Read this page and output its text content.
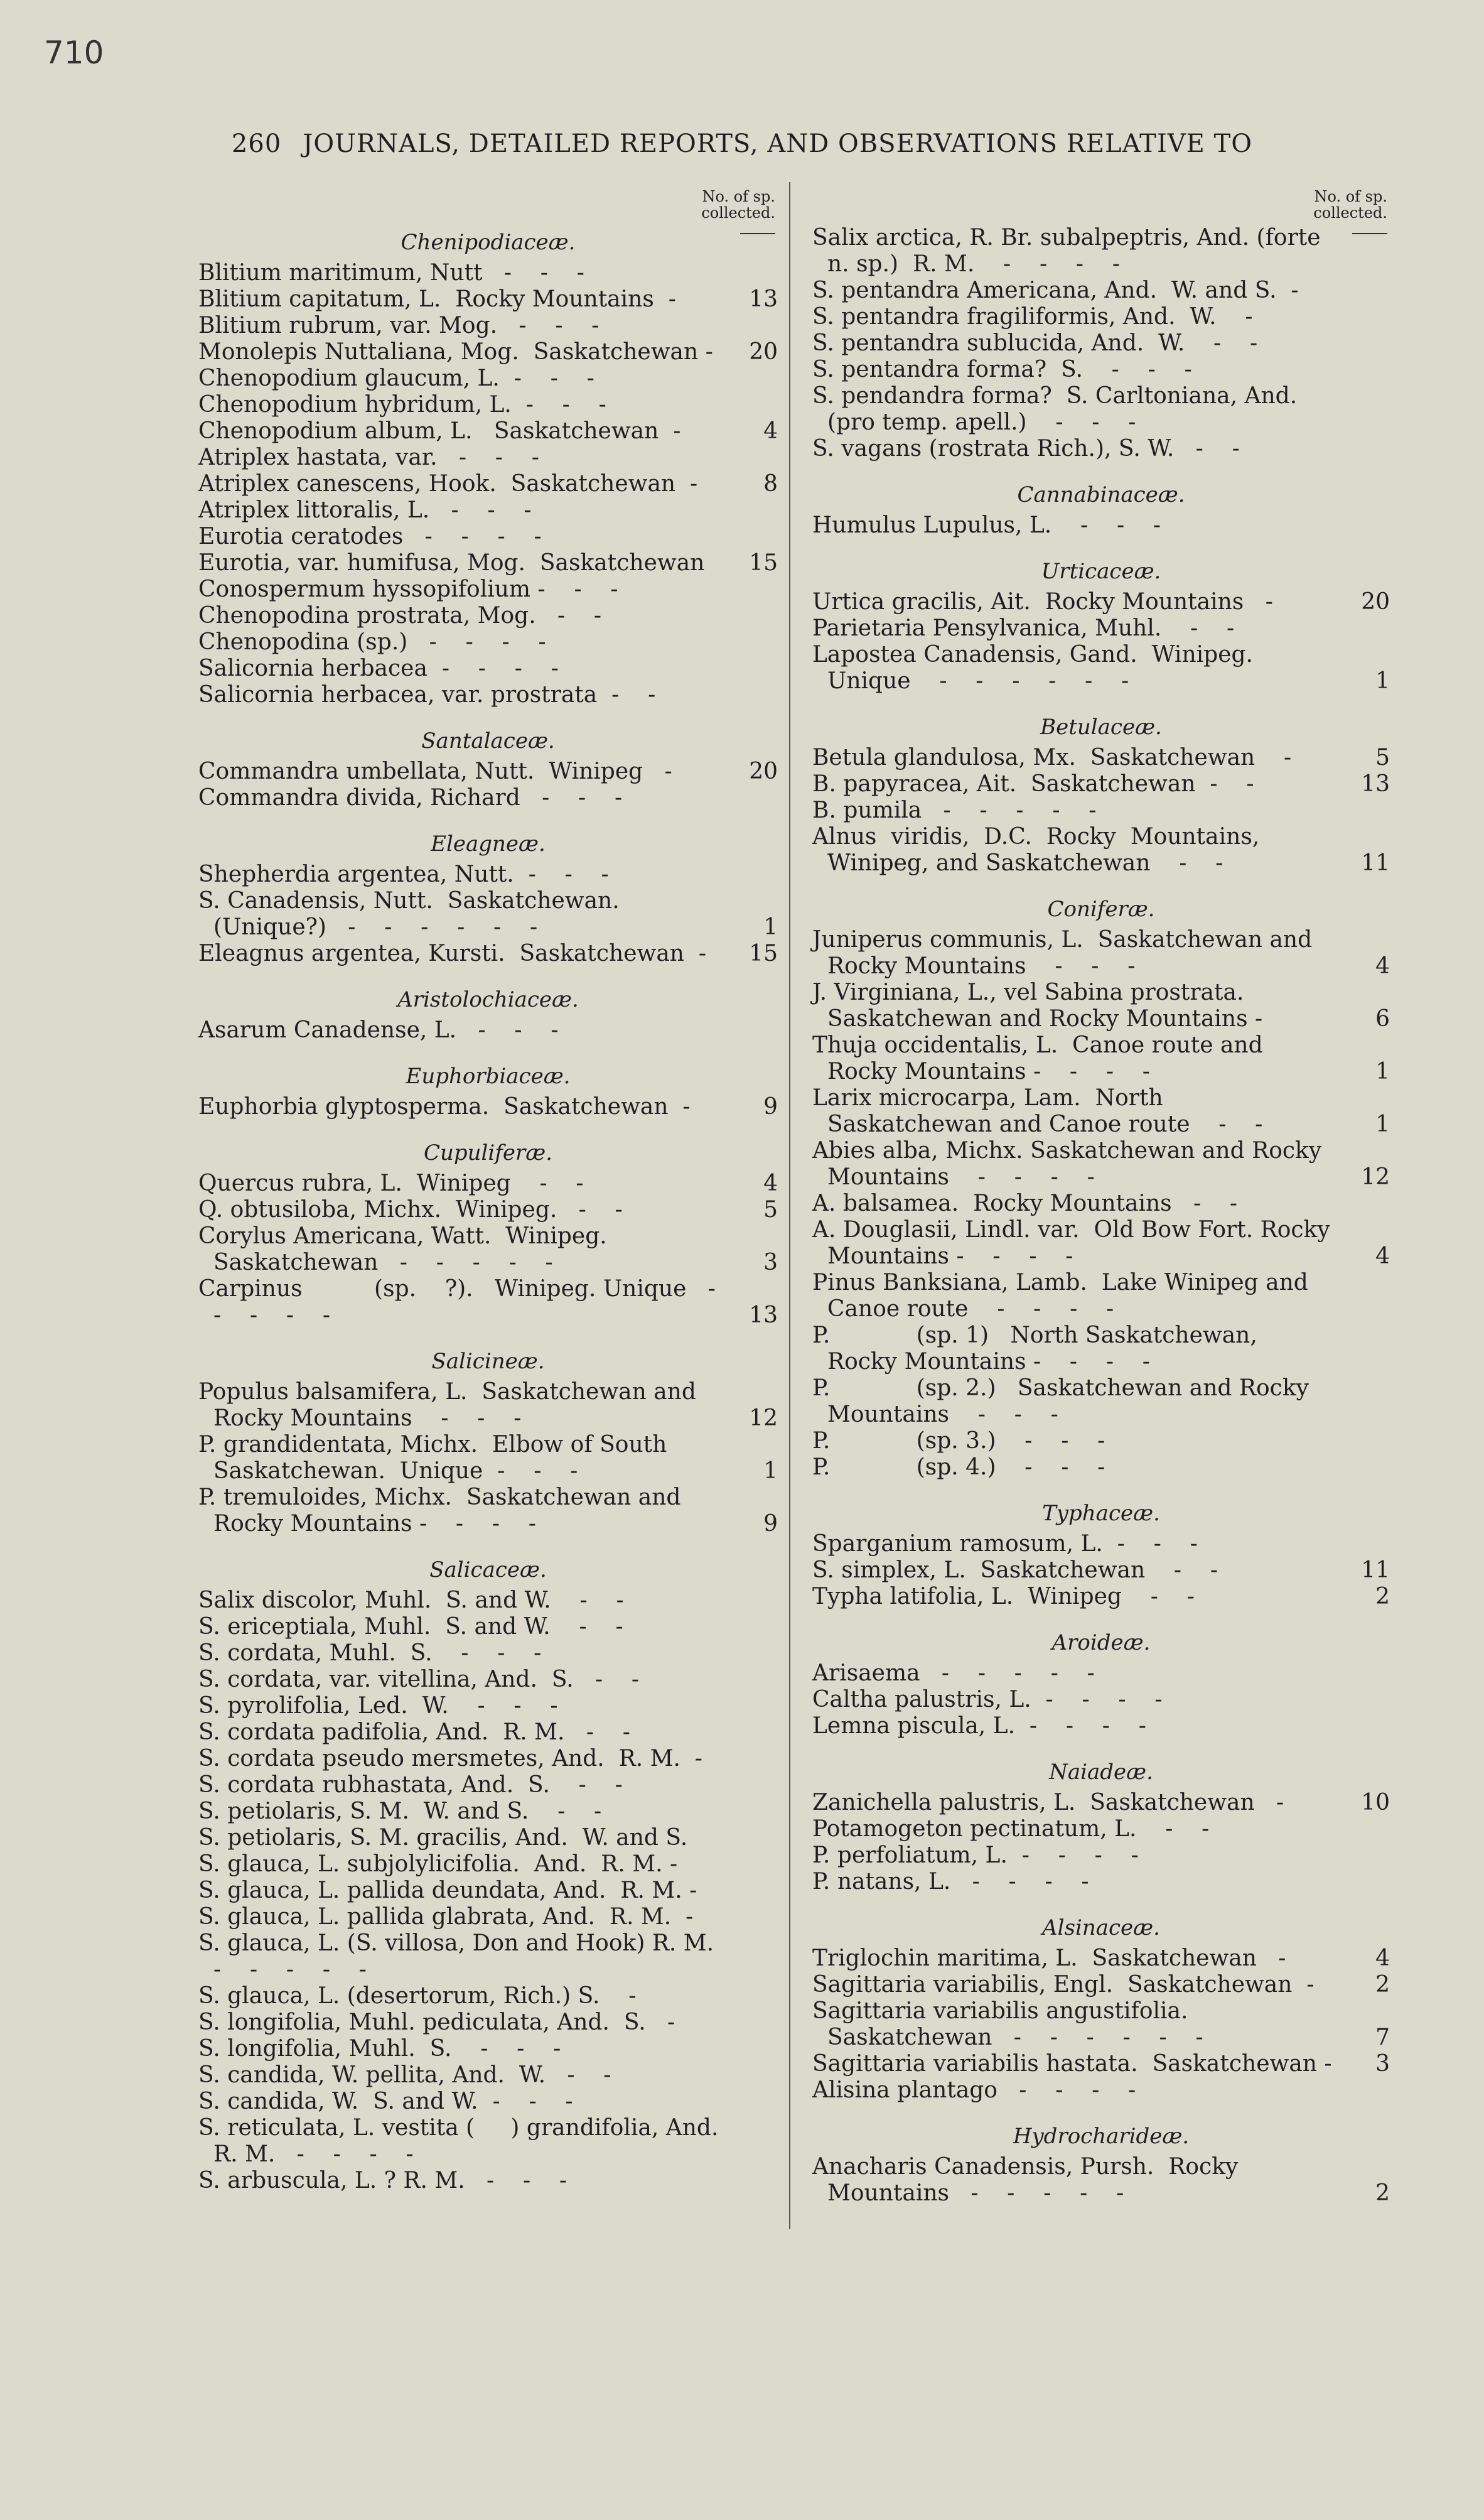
710
260 JOURNALS, DETAILED REPORTS, AND OBSERVATIONS RELATIVE TO
No. of sp.
collected.
Chenipodiaceæ.
Blitium maritimum, Nutt   -    -    -
Blitium capitatum, L.  Rocky Mountains  -	13
Blitium rubrum, var. Mog.   -    -    -
Monolepis Nuttaliana, Mog.  Saskatchewan -	20
Chenopodium glaucum, L.  -    -    -
Chenopodium hybridum, L.  -    -    -
Chenopodium album, L.   Saskatchewan  -	4
Atriplex hastata, var.   -    -    -
Atriplex canescens, Hook.  Saskatchewan  -	8
Atriplex littoralis, L.   -    -    -
Eurotia ceratodes   -    -    -    -
Eurotia, var. humifusa, Mog.  Saskatchewan	15
Conospermum hyssopifolium -    -    -
Chenopodina prostrata, Mog.   -    -
Chenopodina (sp.)   -    -    -    -
Salicornia herbacea  -    -    -    -
Salicornia herbacea, var. prostrata  -    -
Santalaceæ.
Commandra umbellata, Nutt.  Winipeg   -	20
Commandra divida, Richard   -    -    -
Eleagneæ.
Shepherdia argentea, Nutt.  -    -    -
S. Canadensis, Nutt.  Saskatchewan.  (Unique?)   -    -    -    -    -    -	1
Eleagnus argentea, Kursti.  Saskatchewan  -	15
Aristolochiaceæ.
Asarum Canadense, L.   -    -    -
Euphorbiaceæ.
Euphorbia glyptosperma.  Saskatchewan  -	9
Cupuliferæ.
Quercus rubra, L.  Winipeg    -    -	4
Q. obtusiloba, Michx.  Winipeg.   -    -	5
Corylus Americana, Watt.  Winipeg.  Saskatchewan   -    -    -    -    -	3
Carpinus          (sp.    ?).   Winipeg. Unique   -    -    -    -    -	13
Salicineæ.
Populus balsamifera, L.  Saskatchewan and Rocky Mountains    -    -    -	12
P. grandidentata, Michx.  Elbow of South Saskatchewan.  Unique  -    -    -	1
P. tremuloides, Michx.  Saskatchewan and Rocky Mountains -    -    -    -	9
Salicaceæ.
Salix discolor, Muhl.  S. and W.    -    -
S. ericeptiala, Muhl.  S. and W.    -    -
S. cordata, Muhl.  S.    -    -    -
S. cordata, var. vitellina, And.  S.   -    -
S. pyrolifolia, Led.  W.    -    -    -
S. cordata padifolia, And.  R. M.   -    -
S. cordata pseudo mersmetes, And.  R. M.  -
S. cordata rubhastata, And.  S.    -    -
S. petiolaris, S. M.  W. and S.    -    -
S. petiolaris, S. M. gracilis, And.  W. and S.
S. glauca, L. subjolylicifolia.  And.  R. M. -
S. glauca, L. pallida deundata, And.  R. M. -
S. glauca, L. pallida glabrata, And.  R. M.  -
S. glauca, L. (S. villosa, Don and Hook) R. M.   -    -    -    -    -
S. glauca, L. (desertorum, Rich.) S.    -
S. longifolia, Muhl. pediculata, And.  S.   -
S. longifolia, Muhl.  S.    -    -    -
S. candida, W. pellita, And.  W.   -    -
S. candida, W.  S. and W.  -    -    -
S. reticulata, L. vestita (     ) grandifolia, And.  R. M.   -    -    -    -
S. arbuscula, L. ? R. M.   -    -    -
No. of sp.
collected.
Salix arctica, R. Br. subalpeptris, And. (forte n. sp.)  R. M.    -    -    -    -
S. pentandra Americana, And.  W. and S.  -
S. pentandra fragiliformis, And.  W.    -
S. pentandra sublucida, And.  W.    -    -
S. pentandra forma?  S.    -    -    -
S. pendandra forma?  S. Carltoniana, And. (pro temp. apell.)    -    -    -
S. vagans (rostrata Rich.), S. W.   -    -
Cannabinaceæ.
Humulus Lupulus, L.    -    -    -
Urticaceæ.
Urtica gracilis, Ait.  Rocky Mountains   -	20
Parietaria Pensylvanica, Muhl.    -    -
Lapostea Canadensis, Gand.  Winipeg.  Unique    -    -    -    -    -    -	1
Betulaceæ.
Betula glandulosa, Mx.  Saskatchewan    -	5
B. papyracea, Ait.  Saskatchewan  -    -	13
B. pumila   -    -    -    -    -
Alnus  viridis,  D.C.  Rocky  Mountains, Winipeg, and Saskatchewan    -    -	11
Coniferæ.
Juniperus communis, L.  Saskatchewan and Rocky Mountains    -    -    -	4
J. Virginiana, L., vel Sabina prostrata.  Saskatchewan and Rocky Mountains -	6
Thuja occidentalis, L.  Canoe route and Rocky Mountains -    -    -    -	1
Larix microcarpa, Lam.  North Saskatchewan and Canoe route    -    -	1
Abies alba, Michx. Saskatchewan and Rocky Mountains    -    -    -    -	12
A. balsamea.  Rocky Mountains   -    -
A. Douglasii, Lindl. var.  Old Bow Fort. Rocky Mountains -    -    -    -	4
Pinus Banksiana, Lamb.  Lake Winipeg and Canoe route    -    -    -    -
P.            (sp. 1)   North Saskatchewan, Rocky Mountains -    -    -    -
P.            (sp. 2.)   Saskatchewan and Rocky Mountains    -    -    -
P.            (sp. 3.)    -    -    -
P.            (sp. 4.)    -    -    -
Typhaceæ.
Sparganium ramosum, L.  -    -    -
S. simplex, L.  Saskatchewan    -    -	11
Typha latifolia, L.  Winipeg    -    -	2
Aroideæ.
Arisaema   -    -    -    -    -
Caltha palustris, L.  -    -    -    -
Lemna piscula, L.  -    -    -    -
Naiadeæ.
Zanichella palustris, L.  Saskatchewan   -	10
Potamogeton pectinatum, L.    -    -
P. perfoliatum, L.  -    -    -    -
P. natans, L.   -    -    -    -
Alsinaceæ.
Triglochin maritima, L.  Saskatchewan   -	4
Sagittaria variabilis, Engl.  Saskatchewan  -	2
Sagittaria variabilis angustifolia.  Saskatchewan   -    -    -    -    -    -	7
Sagittaria variabilis hastata.  Saskatchewan -	3
Alisina plantago   -    -    -    -
Hydrocharideæ.
Anacharis Canadensis, Pursh.  Rocky Mountains   -    -    -    -    -	2
